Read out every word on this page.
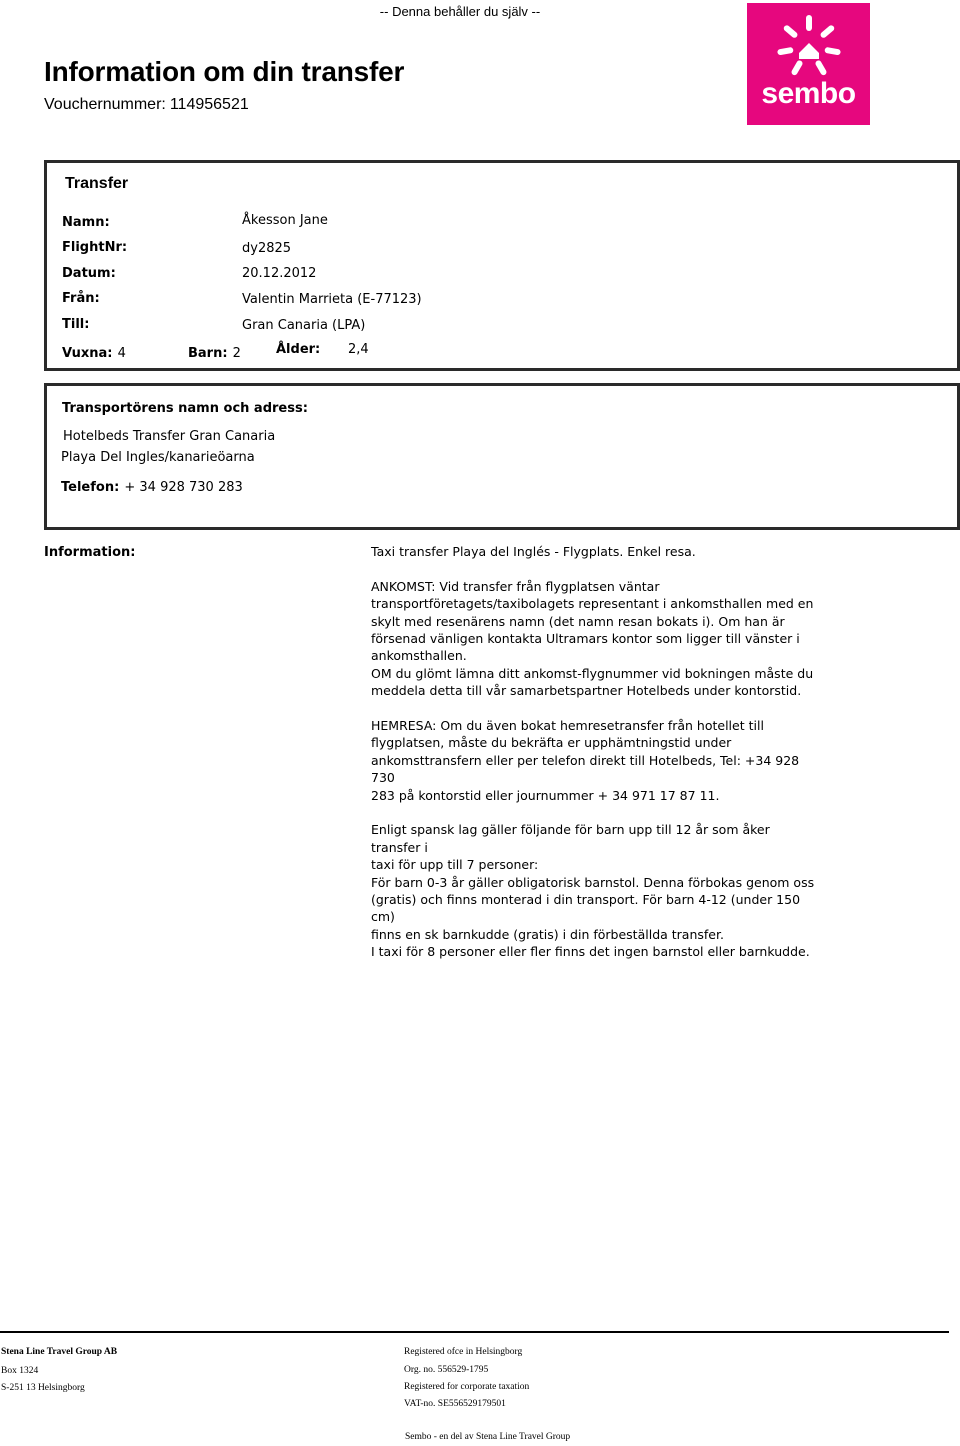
-- Denna behåller du själv --
Information om din transfer
Vouchernummer: 114956521	sembo
Transfer
Namn:	Åkesson Jane
FlightNr:	dy2825
Datum:	20.12.2012
Från:	Valentin Marrieta (E-77123)
Till:	Gran Canaria (LPA)
Vuxna: 4	Barn: 2	Ålder: 2,4
Transportörens namn och adress:
Hotelbeds Transfer Gran Canaria
Playa Del Ingles/kanarieöarna
Telefon: + 34 928 730 283
Information:	Taxi transfer Playa del Inglés - Flygplats. Enkel resa.

ANKOMST: Vid transfer från flygplatsen väntar
transportföretagets/taxibolagets representant i ankomsthallen med en
skylt med resenärens namn (det namn resan bokats i). Om han är
försenad vänligen kontakta Ultramars kontor som ligger till vänster i
ankomsthallen.
OM du glömt lämna ditt ankomst-flygnummer vid bokningen måste du
meddela detta till vår samarbetspartner Hotelbeds under kontorstid.

HEMRESA: Om du även bokat hemresetransfer från hotellet till
flygplatsen, måste du bekräfta er upphämtningstid under
ankomsttransfern eller per telefon direkt till Hotelbeds, Tel: +34 928 730
283 på kontorstid eller journummer + 34 971 17 87 11.

Enligt spansk lag gäller följande för barn upp till 12 år som åker transfer i
taxi för upp till 7 personer:
För barn 0-3 år gäller obligatorisk barnstol. Denna förbokas genom oss
(gratis) och finns monterad i din transport. För barn 4-12 (under 150 cm)
finns en sk barnkudde (gratis) i din förbeställda transfer.
I taxi för 8 personer eller fler finns det ingen barnstol eller barnkudde.

Stena Line Travel Group AB
Box 1324
S-251 13 Helsingborg
Registered ofce in Helsingborg
Org. no. 556529-1795
Registered for corporate taxation
VAT-no. SE556529179501
Sembo - en del av Stena Line Travel Group
